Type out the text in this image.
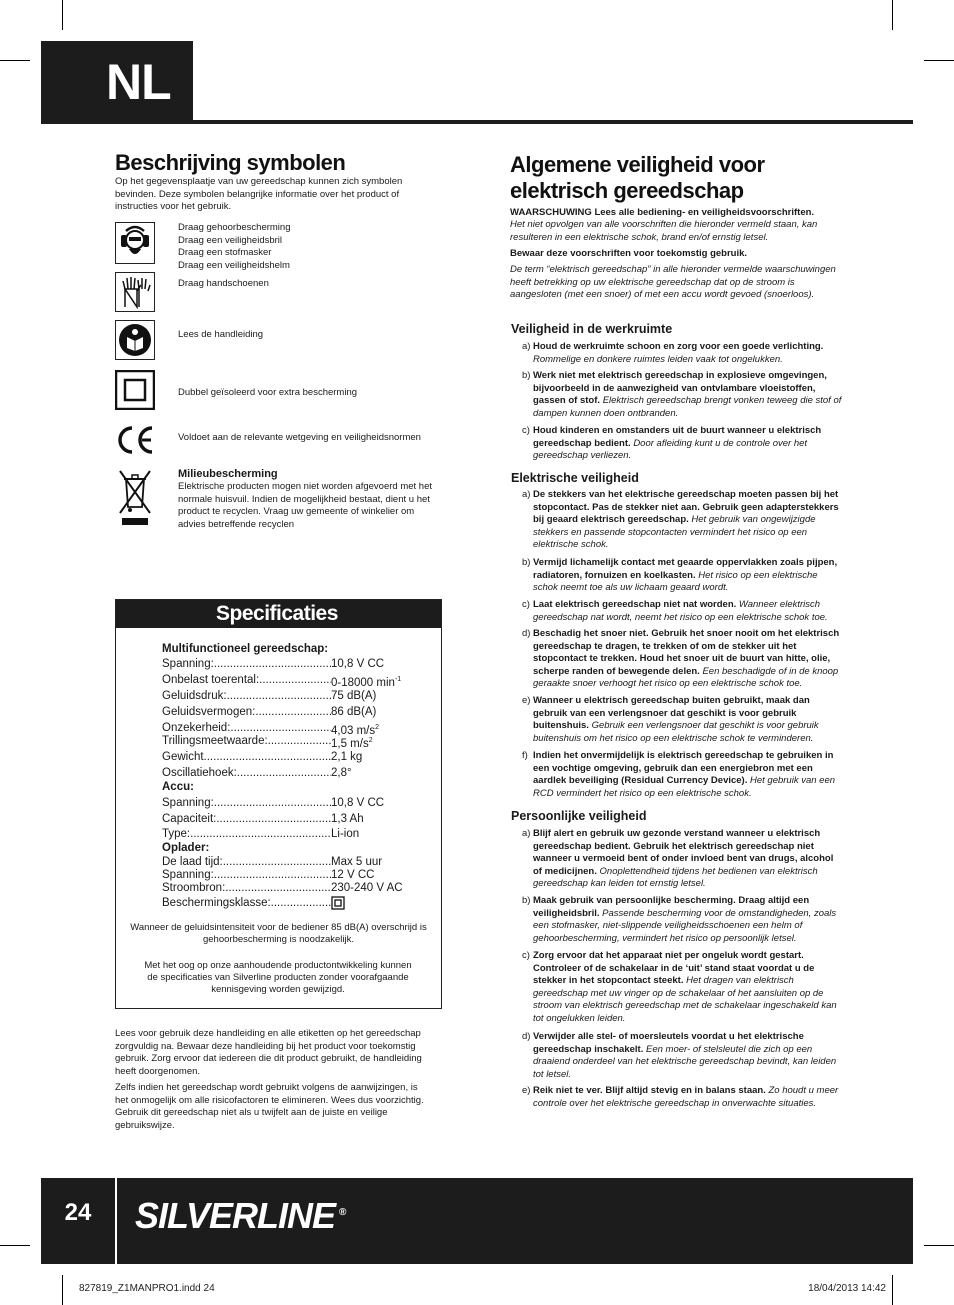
NL
Beschrijving symbolen
Op het gegevensplaatje van uw gereedschap kunnen zich symbolen bevinden. Deze symbolen belangrijke informatie over het product of instructies voor het gebruik.
Draag gehoorbescherming
Draag een veiligheidsbril
Draag een stofmasker
Draag een veiligheidshelm
Draag handschoenen
Lees de handleiding
Dubbel geïsoleerd voor extra bescherming
Voldoet aan de relevante wetgeving en veiligheidsnormen
Milieubescherming
Elektrische producten mogen niet worden afgevoerd met het normale huisvuil. Indien de mogelijkheid bestaat, dient u het product te recyclen. Vraag uw gemeente of winkelier om advies betreffende recyclen
Specificaties
Multifunctioneel gereedschap:
Spanning: .....	10,8 V CC
Onbelast toerental: .....	0-18000 $\min^{-1}$
Geluidsdruk: .....	75 dB(A)
Geluidsvermogen: .....	86 dB(A)
Onzekerheid: .....	4,03 $m/s^2$
Trillingsmeetwaarde: .....	1,5 $m/s^2$
Gewicht .....	2,1 kg
Oscillatiehoek: .....	2,8°
Accu:
Spanning: .....	10,8 V CC
Capaciteit: .....	1,3 Ah
Type: .....	Li-ion
Oplader:
De laad tijd: .....	Max 5 uur
Spanning: .....	12 V CC
Stroombron: .....	230-240 V AC
Beschermingsklasse: .....
Wanneer de geluidsintensiteit voor de bediener 85 dB(A) overschrijd is gehoorbescherming is noodzakelijk.
Met het oog op onze aanhoudende productontwikkeling kunnen de specificaties van Silverline producten zonder voorafgaande kennisgeving worden gewijzigd.
Lees voor gebruik deze handleiding en alle etiketten op het gereedschap zorgvuldig na. Bewaar deze handleiding bij het product voor toekomstig gebruik. Zorg ervoor dat iedereen die dit product gebruikt, de handleiding heeft doorgenomen.
Zelfs indien het gereedschap wordt gebruikt volgens de aanwijzingen, is het onmogelijk om alle risicofactoren te elimineren. Wees dus voorzichtig. Gebruik dit gereedschap niet als u twijfelt aan de juiste en veilige gebruikswijze.
Algemene veiligheid voor
elektrisch gereedschap
WAARSCHUWING Lees alle bediening- en veiligheidsvoorschriften.
Het niet opvolgen van alle voorschriften die hieronder vermeld staan, kan resulteren in een elektrische schok, brand en/of ernstig letsel.
Bewaar deze voorschriften voor toekomstig gebruik.
De term “elektrisch gereedschap” in alle hieronder vermelde waarschuwingen heeft betrekking op uw elektrische gereedschap dat op de stroom is aangesloten (met een snoer) of met een accu wordt gevoed (snoerloos).
Veiligheid in de werkruimte
a) Houd de werkruimte schoon en zorg voor een goede verlichting. Rommelige en donkere ruimtes leiden vaak tot ongelukken.
b) Werk niet met elektrisch gereedschap in explosieve omgevingen, bijvoorbeeld in de aanwezigheid van ontvlambare vloeistoffen, gassen of stof. Elektrisch gereedschap brengt vonken teweeg die stof of dampen kunnen doen ontbranden.
c) Houd kinderen en omstanders uit de buurt wanneer u elektrisch gereedschap bedient. Door afleiding kunt u de controle over het gereedschap verliezen.
Elektrische veiligheid
a) De stekkers van het elektrische gereedschap moeten passen bij het stopcontact. Pas de stekker niet aan. Gebruik geen adapterstekkers bij geaard elektrisch gereedschap. Het gebruik van ongewijzigde stekkers en passende stopcontacten vermindert het risico op een elektrische schok.
b) Vermijd lichamelijk contact met geaarde oppervlakken zoals pijpen, radiatoren, fornuizen en koelkasten. Het risico op een elektrische schok neemt toe als uw lichaam geaard wordt.
c) Laat elektrisch gereedschap niet nat worden. Wanneer elektrisch gereedschap nat wordt, neemt het risico op een elektrische schok toe.
d) Beschadig het snoer niet. Gebruik het snoer nooit om het elektrisch gereedschap te dragen, te trekken of om de stekker uit het stopcontact te trekken. Houd het snoer uit de buurt van hitte, olie, scherpe randen of bewegende delen. Een beschadigde of in de knoop geraakte snoer verhoogt het risico op een elektrische schok toe.
e) Wanneer u elektrisch gereedschap buiten gebruikt, maak dan gebruik van een verlengsnoer dat geschikt is voor gebruik buitenshuis. Gebruik een verlengsnoer dat geschikt is voor gebruik buitenshuis om het risico op een elektrische schok te verminderen.
f) Indien het onvermijdelijk is elektrisch gereedschap te gebruiken in een vochtige omgeving, gebruik dan een energiebron met een aardlek beveiliging (Residual Currency Device). Het gebruik van een RCD vermindert het risico op een elektrische schok.
Persoonlijke veiligheid
a) Blijf alert en gebruik uw gezonde verstand wanneer u elektrisch gereedschap bedient. Gebruik het elektrisch gereedschap niet wanneer u vermoeid bent of onder invloed bent van drugs, alcohol of medicijnen. Onoplettendheid tijdens het bedienen van elektrisch gereedschap kan leiden tot ernstig letsel.
b) Maak gebruik van persoonlijke bescherming. Draag altijd een veiligheidsbril. Passende bescherming voor de omstandigheden, zoals een stofmasker, niet-slippende veiligheidsschoenen een helm of gehoorbescherming, vermindert het risico op persoonlijk letsel.
c) Zorg ervoor dat het apparaat niet per ongeluk wordt gestart. Controleer of de schakelaar in de ‘uit’ stand staat voordat u de stekker in het stopcontact steekt. Het dragen van elektrisch gereedschap met uw vinger op de schakelaar of het aansluiten op de stroom van elektrisch gereedschap met de schakelaar ingeschakeld kan tot ongelukken leiden.
d) Verwijder alle stel- of moersleutels voordat u het elektrische gereedschap inschakelt. Een moer- of stelsleutel die zich op een draaiend onderdeel van het elektrische gereedschap bevindt, kan leiden tot letsel.
e) Reik niet te ver. Blijf altijd stevig en in balans staan. Zo houdt u meer controle over het elektrische gereedschap in onverwachte situaties.
24	SILVERLINE ®
827819_Z1MANPRO1.indd 24	18/04/2013 14:42
